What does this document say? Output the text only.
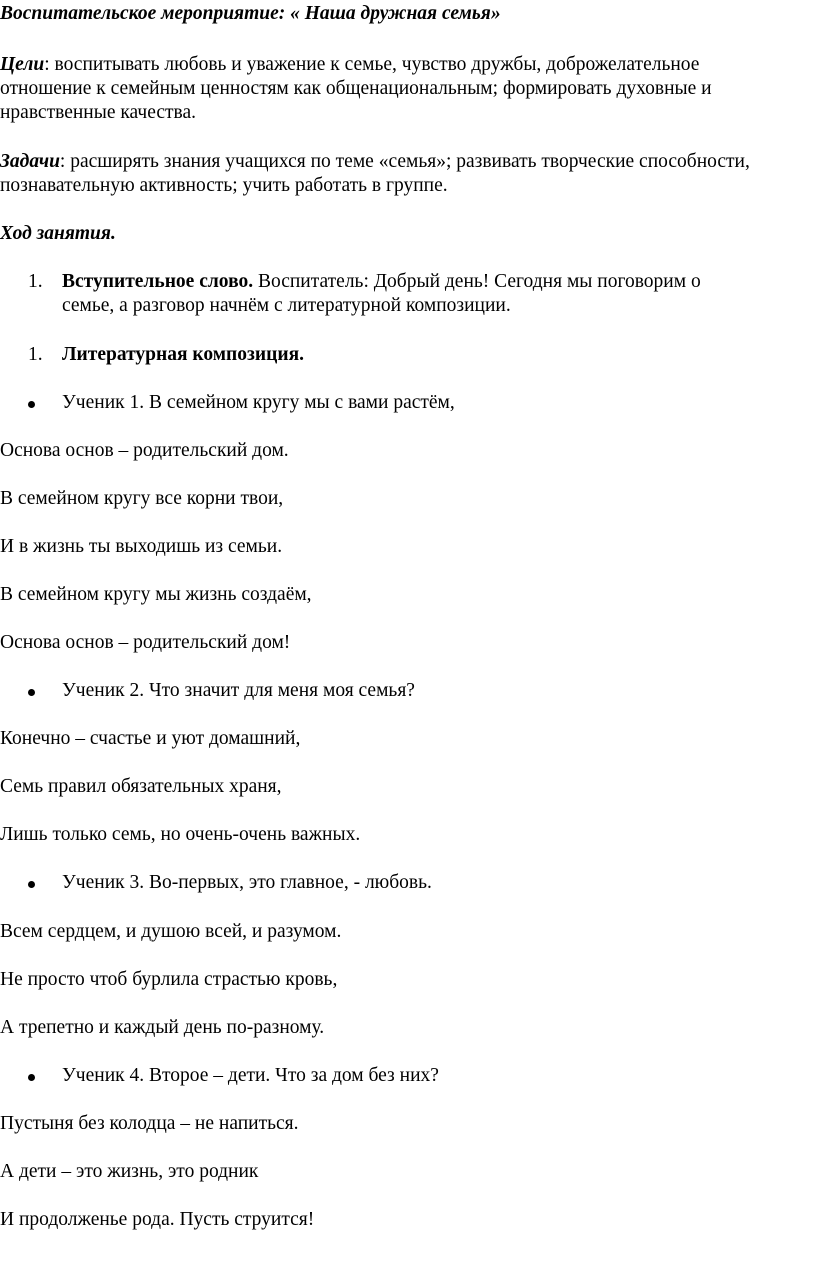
Воспитательское мероприятие: « Наша дружная семья»
Цели: воспитывать любовь и уважение к семье, чувство дружбы, доброжелательное
отношение к семейным ценностям как общенациональным; формировать духовные и
нравственные качества.
Задачи: расширять знания учащихся по теме «семья»; развивать творческие способности,
познавательную активность; учить работать в группе.
Ход занятия.
1. Вступительное слово. Воспитатель: Добрый день! Сегодня мы поговорим о
семье, а разговор начнём с литературной композиции.
1. Литературная композиция.
Ученик 1. В семейном кругу мы с вами растём,
Основа основ – родительский дом.
В семейном кругу все корни твои,
И в жизнь ты выходишь из семьи.
В семейном кругу мы жизнь создаём,
Основа основ – родительский дом!
Ученик 2. Что значит для меня моя семья?
Конечно – счастье и уют домашний,
Семь правил обязательных храня,
Лишь только семь, но очень-очень важных.
Ученик 3. Во-первых, это главное, - любовь.
Всем сердцем, и душою всей, и разумом.
Не просто чтоб бурлила страстью кровь,
А трепетно и каждый день по-разному.
Ученик 4. Второе – дети. Что за дом без них?
Пустыня без колодца – не напиться.
А дети – это жизнь, это родник
И продолженье рода. Пусть струится!
